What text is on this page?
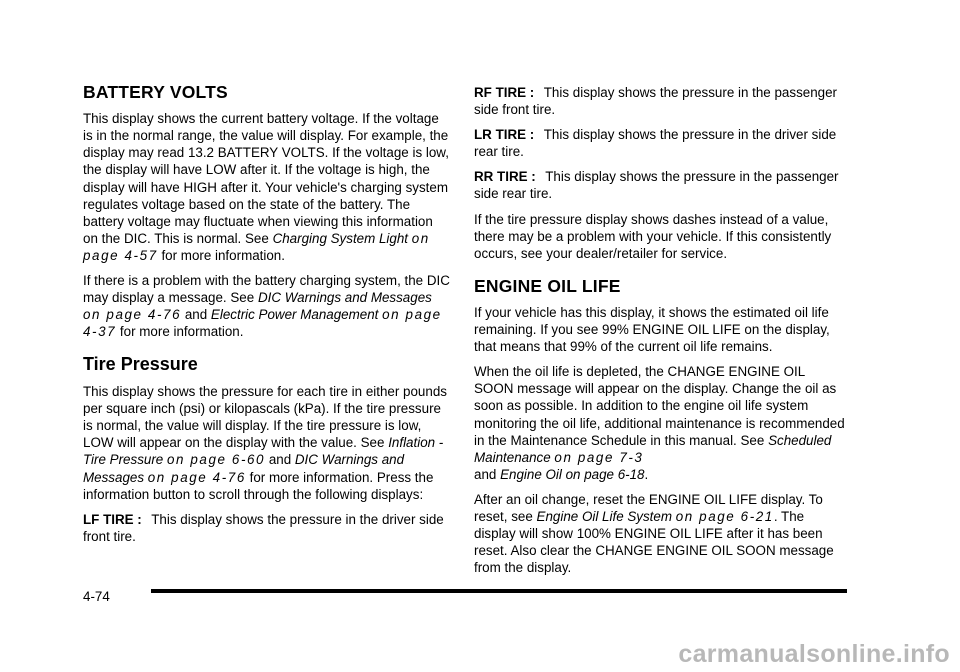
BATTERY VOLTS

This display shows the current battery voltage. If the voltage is in the normal range, the value will display. For example, the display may read 13.2 BATTERY VOLTS. If the voltage is low, the display will have LOW after it. If the voltage is high, the display will have HIGH after it. Your vehicle's charging system regulates voltage based on the state of the battery. The battery voltage may fluctuate when viewing this information on the DIC. This is normal. See Charging System Light on page 4-57 for more information.

If there is a problem with the battery charging system, the DIC may display a message. See DIC Warnings and Messages on page 4-76 and Electric Power Management on page 4-37 for more information.

Tire Pressure

This display shows the pressure for each tire in either pounds per square inch (psi) or kilopascals (kPa). If the tire pressure is normal, the value will display. If the tire pressure is low, LOW will appear on the display with the value. See Inflation - Tire Pressure on page 6-60 and DIC Warnings and Messages on page 4-76 for more information. Press the information button to scroll through the following displays:

LF TIRE : This display shows the pressure in the driver side front tire.

RF TIRE : This display shows the pressure in the passenger side front tire.

LR TIRE : This display shows the pressure in the driver side rear tire.

RR TIRE : This display shows the pressure in the passenger side rear tire.

If the tire pressure display shows dashes instead of a value, there may be a problem with your vehicle. If this consistently occurs, see your dealer/retailer for service.

ENGINE OIL LIFE

If your vehicle has this display, it shows the estimated oil life remaining. If you see 99% ENGINE OIL LIFE on the display, that means that 99% of the current oil life remains.

When the oil life is depleted, the CHANGE ENGINE OIL SOON message will appear on the display. Change the oil as soon as possible. In addition to the engine oil life system monitoring the oil life, additional maintenance is recommended in the Maintenance Schedule in this manual. See Scheduled Maintenance on page 7-3
and Engine Oil on page 6-18.

After an oil change, reset the ENGINE OIL LIFE display. To reset, see Engine Oil Life System on page 6-21. The display will show 100% ENGINE OIL LIFE after it has been reset. Also clear the CHANGE ENGINE OIL SOON message from the display.

4-74
carmanualsonline.info
